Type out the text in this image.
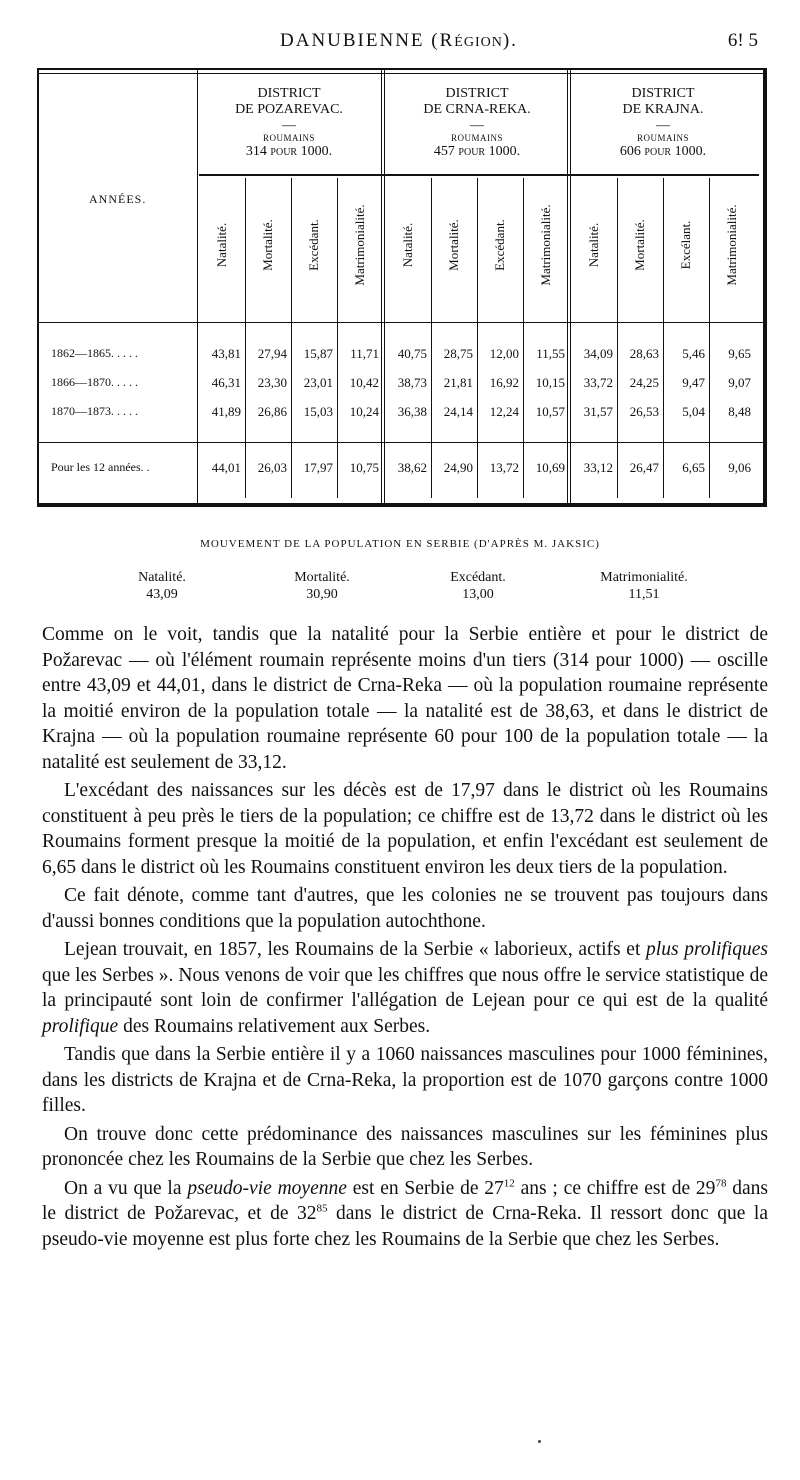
DANUBIENNE (RÉGION).	6! 5
DISTRICT
DE POZAREVAC.
—
ROUMAINS
314 POUR 1000.
DISTRICT
DE CRNA-REKA.
—
ROUMAINS
457 POUR 1000.
DISTRICT
DE KRAJNA.
—
ROUMAINS
606 POUR 1000.
ANNÉES.
Natalité. Mortalité. Excédant. Matrimonialité.	Natalité. Mortalité. Excédant. Matrimonialité.	Natalité. Mortalité. Excélant. Matrimonialité.
1862—1865. . . . .	43,81	27,94	15,87	11,71	40,75	28,75	12,00	11,55	34,09	28,63	5,46	9,65
1866—1870. . . . .	46,31	23,30	23,01	10,42	38,73	21,81	16,92	10,15	33,72	24,25	9,47	9,07
1870—1873. . . . .	41,89	26,86	15,03	10,24	36,38	24,14	12,24	10,57	31,57	26,53	5,04	8,48
Pour les 12 années. .	44,01	26,03	17,97	10,75	38,62	24,90	13,72	10,69	33,12	26,47	6,65	9,06
MOUVEMENT DE LA POPULATION EN SERBIE (D'APRÈS M. JAKSIC)
Natalité.
43,09
Mortalité.
30,90
Excédant.
13,00
Matrimonialité.
11,51

Comme on le voit, tandis que la natalité pour la Serbie entière et pour le district de Požarevac — où l'élément roumain représente moins d'un tiers (314 pour 1000) — oscille entre 43,09 et 44,01, dans le district de Crna-Reka — où la population roumaine représente la moitié environ de la population totale — la natalité est de 38,63, et dans le district de Krajna — où la population roumaine représente 60 pour 100 de la population totale — la natalité est seulement de 33,12.

L'excédant des naissances sur les décès est de 17,97 dans le district où les Roumains constituent à peu près le tiers de la population; ce chiffre est de 13,72 dans le district où les Roumains forment presque la moitié de la population, et enfin l'excédant est seulement de 6,65 dans le district où les Roumains constituent environ les deux tiers de la population.

Ce fait dénote, comme tant d'autres, que les colonies ne se trouvent pas toujours dans d'aussi bonnes conditions que la population autochthone.

Lejean trouvait, en 1857, les Roumains de la Serbie « laborieux, actifs et plus prolifiques que les Serbes ». Nous venons de voir que les chiffres que nous offre le service statistique de la principauté sont loin de confirmer l'allégation de Lejean pour ce qui est de la qualité prolifique des Roumains relativement aux Serbes.

Tandis que dans la Serbie entière il y a 1060 naissances masculines pour 1000 féminines, dans les districts de Krajna et de Crna-Reka, la proportion est de 1070 garçons contre 1000 filles.

On trouve donc cette prédominance des naissances masculines sur les féminines plus prononcée chez les Roumains de la Serbie que chez les Serbes.

On a vu que la pseudo-vie moyenne est en Serbie de $27^{12}$ ans ; ce chiffre est de $29^{78}$ dans le district de Požarevac, et de $32^{85}$ dans le district de Crna-Reka. Il ressort donc que la pseudo-vie moyenne est plus forte chez les Roumains de la Serbie que chez les Serbes.
